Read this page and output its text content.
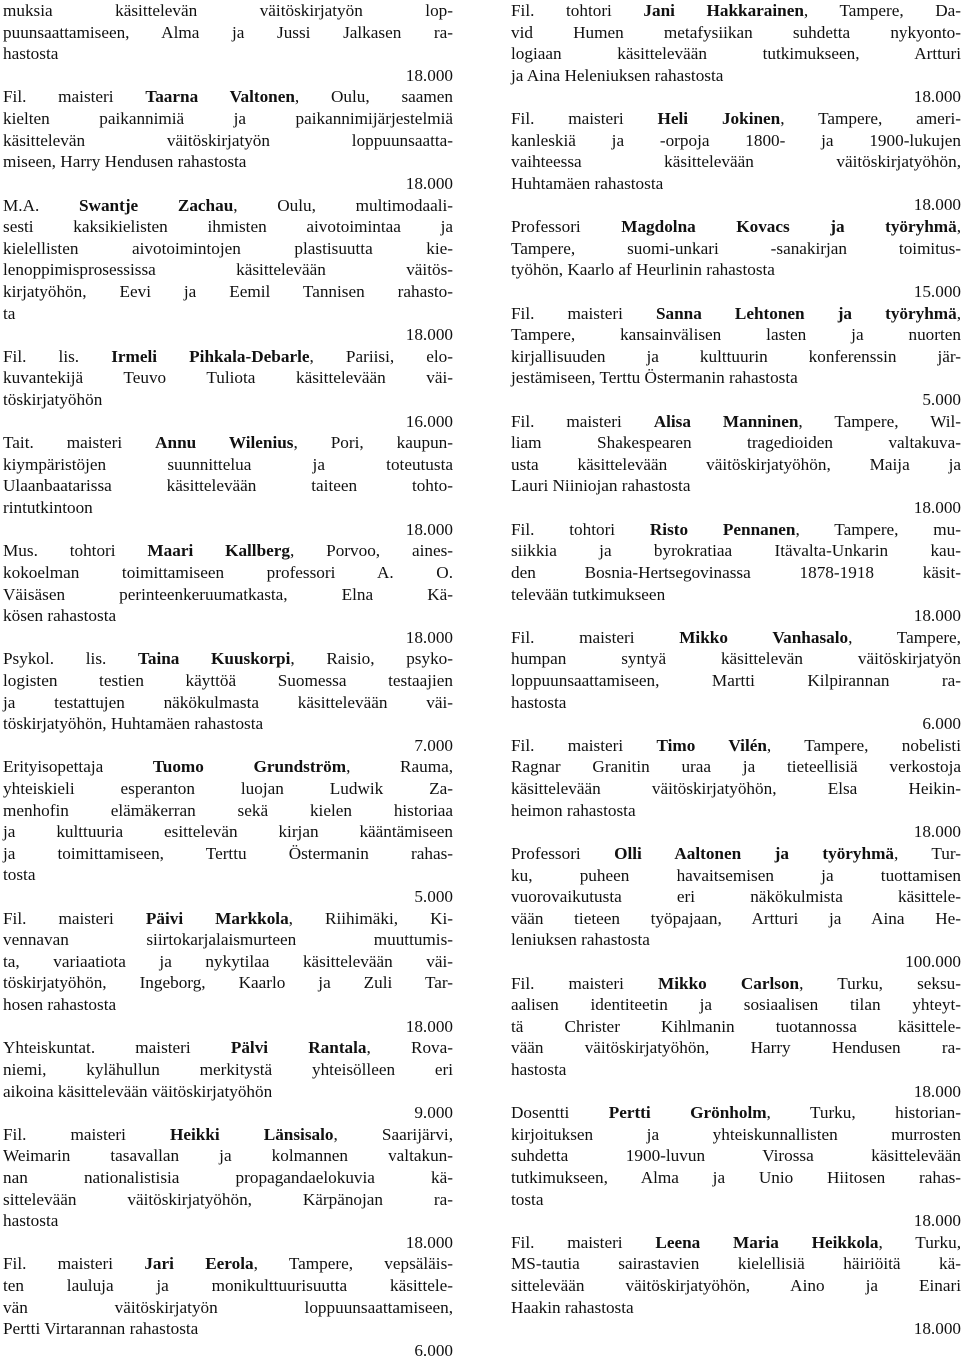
muksia käsittelevän väitöskirjatyön lop-
puunsaattamiseen, Alma ja Jussi Jalkasen ra-
hastosta
18.000
Fil. maisteri Taarna Valtonen, Oulu, saamen
kielten paikannimiä ja paikannimijärjestelmiä
käsittelevän väitöskirjatyön loppuunsaatta-
miseen, Harry Hendusen rahastosta
18.000
M.A. Swantje Zachau, Oulu, multimodaali-
sesti kaksikielisten ihmisten aivotoimintaa ja
kielellisten aivotoimintojen plastisuutta kie-
lenoppimisprosessissa käsittelevään väitös-
kirjatyöhön, Eevi ja Eemil Tannisen rahasto-
ta
18.000
Fil. lis. Irmeli Pihkala-Debarle, Pariisi, elo-
kuvantekijä Teuvo Tuliota käsittelevään väi-
töskirjatyöhön
16.000
Tait. maisteri Annu Wilenius, Pori, kaupun-
kiympäristöjen suunnittelua ja toteutusta
Ulaanbaatarissa käsittelevään taiteen tohto-
rintutkintoon
18.000
Mus. tohtori Maari Kallberg, Porvoo, aines-
kokoelman toimittamiseen professori A. O.
Väisäsen perinteenkeruumatkasta, Elna Kä-
kösen rahastosta
18.000
Psykol. lis. Taina Kuuskorpi, Raisio, psyko-
logisten testien käyttöä Suomessa testaajien
ja testattujen näkökulmasta käsittelevään väi-
töskirjatyöhön, Huhtamäen rahastosta
7.000
Erityisopettaja Tuomo Grundström, Rauma,
yhteiskieli esperanton luojan Ludwik Za-
menhofin elämäkerran sekä kielen historiaa
ja kulttuuria esittelevän kirjan kääntämiseen
ja toimittamiseen, Terttu Östermanin rahas-
tosta
5.000
Fil. maisteri Päivi Markkola, Riihimäki, Ki-
vennavan siirtokarjalaismurteen muuttumis-
ta, variaatiota ja nykytilaa käsittelevään väi-
töskirjatyöhön, Ingeborg, Kaarlo ja Zuli Tar-
hosen rahastosta
18.000
Yhteiskuntat. maisteri Pälvi Rantala, Rova-
niemi, kylähullun merkitystä yhteisölleen eri
aikoina käsittelevään väitöskirjatyöhön
9.000
Fil. maisteri Heikki Länsisalo, Saarijärvi,
Weimarin tasavallan ja kolmannen valtakun-
nan nationalistisia propagandaelokuvia kä-
sittelevään väitöskirjatyöhön, Kärpänojan ra-
hastosta
18.000
Fil. maisteri Jari Eerola, Tampere, vepsäläis-
ten lauluja ja monikulttuurisuutta käsittele-
vän väitöskirjatyön loppuunsaattamiseen,
Pertti Virtarannan rahastosta
6.000
Fil. tohtori Jani Hakkarainen, Tampere, Da-
vid Humen metafysiikan suhdetta nykyonto-
logiaan käsittelevään tutkimukseen, Artturi
ja Aina Heleniuksen rahastosta
18.000
Fil. maisteri Heli Jokinen, Tampere, ameri-
kanleskiä ja -orpoja 1800- ja 1900-lukujen
vaihteessa käsittelevään väitöskirjatyöhön,
Huhtamäen rahastosta
18.000
Professori Magdolna Kovacs ja työryhmä,
Tampere, suomi-unkari -sanakirjan toimitus-
työhön, Kaarlo af Heurlinin rahastosta
15.000
Fil. maisteri Sanna Lehtonen ja työryhmä,
Tampere, kansainvälisen lasten ja nuorten
kirjallisuuden ja kulttuurin konferenssin jär-
jestämiseen, Terttu Östermanin rahastosta
5.000
Fil. maisteri Alisa Manninen, Tampere, Wil-
liam Shakespearen tragedioiden valtakuva-
usta käsittelevään väitöskirjatyöhön, Maija ja
Lauri Niiniojan rahastosta
18.000
Fil. tohtori Risto Pennanen, Tampere, mu-
siikkia ja byrokratiaa Itävalta-Unkarin kau-
den Bosnia-Hertsegovinassa 1878-1918 käsit-
televään tutkimukseen
18.000
Fil. maisteri Mikko Vanhasalo, Tampere,
humpan syntyä käsittelevän väitöskirjatyön
loppuunsaattamiseen, Martti Kilpirannan ra-
hastosta
6.000
Fil. maisteri Timo Vilén, Tampere, nobelisti
Ragnar Granitin uraa ja tieteellisiä verkostoja
käsittelevään väitöskirjatyöhön, Elsa Heikin-
heimon rahastosta
18.000
Professori Olli Aaltonen ja työryhmä, Tur-
ku, puheen havaitsemisen ja tuottamisen
vuorovaikutusta eri näkökulmista käsittele-
vään tieteen työpajaan, Artturi ja Aina He-
leniuksen rahastosta
100.000
Fil. maisteri Mikko Carlson, Turku, seksu-
aalisen identiteetin ja sosiaalisen tilan yhteyt-
tä Christer Kihlmanin tuotannossa käsittele-
vään väitöskirjatyöhön, Harry Hendusen ra-
hastosta
18.000
Dosentti Pertti Grönholm, Turku, historian-
kirjoituksen ja yhteiskunnallisten murrosten
suhdetta 1900-luvun Virossa käsittelevään
tutkimukseen, Alma ja Unio Hiitosen rahas-
tosta
18.000
Fil. maisteri Leena Maria Heikkola, Turku,
MS-tautia sairastavien kielellisiä häiriöitä kä-
sittelevään väitöskirjatyöhön, Aino ja Einari
Haakin rahastosta
18.000
